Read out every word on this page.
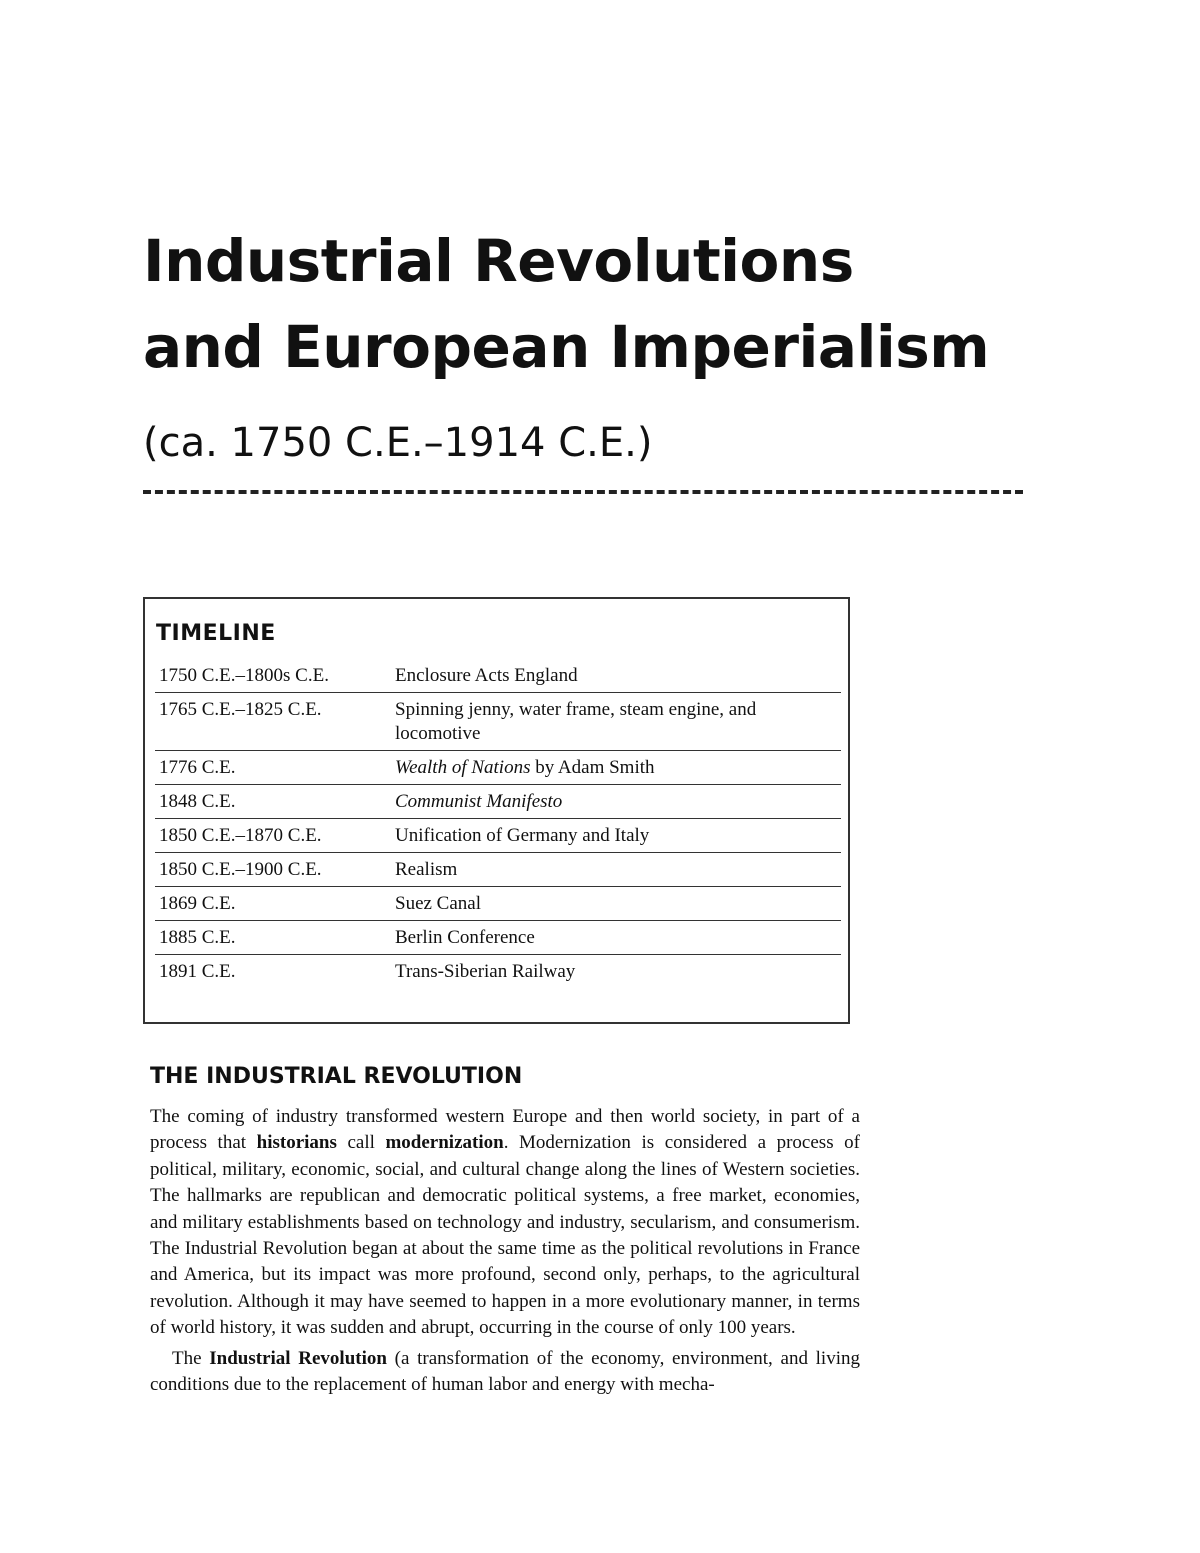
Industrial Revolutions
and European Imperialism
(ca. 1750 C.E.–1914 C.E.)
TIMELINE
1750 C.E.–1800s C.E.	Enclosure Acts England
1765 C.E.–1825 C.E.	Spinning jenny, water frame, steam engine, and locomotive
1776 C.E.	Wealth of Nations by Adam Smith
1848 C.E.	Communist Manifesto
1850 C.E.–1870 C.E.	Unification of Germany and Italy
1850 C.E.–1900 C.E.	Realism
1869 C.E.	Suez Canal
1885 C.E.	Berlin Conference
1891 C.E.	Trans-Siberian Railway
THE INDUSTRIAL REVOLUTION

The coming of industry transformed western Europe and then world society, in part of a process that historians call modernization. Modernization is considered a process of political, military, economic, social, and cultural change along the lines of Western societies. The hallmarks are republican and democratic political systems, a free market, economies, and military establishments based on technology and industry, secularism, and consumerism. The Industrial Revolution began at about the same time as the political revolutions in France and America, but its impact was more profound, second only, perhaps, to the agricultural revolution. Although it may have seemed to happen in a more evolutionary manner, in terms of world history, it was sudden and abrupt, occurring in the course of only 100 years.

The Industrial Revolution (a transformation of the economy, environment, and living conditions due to the replacement of human labor and energy with mecha-
